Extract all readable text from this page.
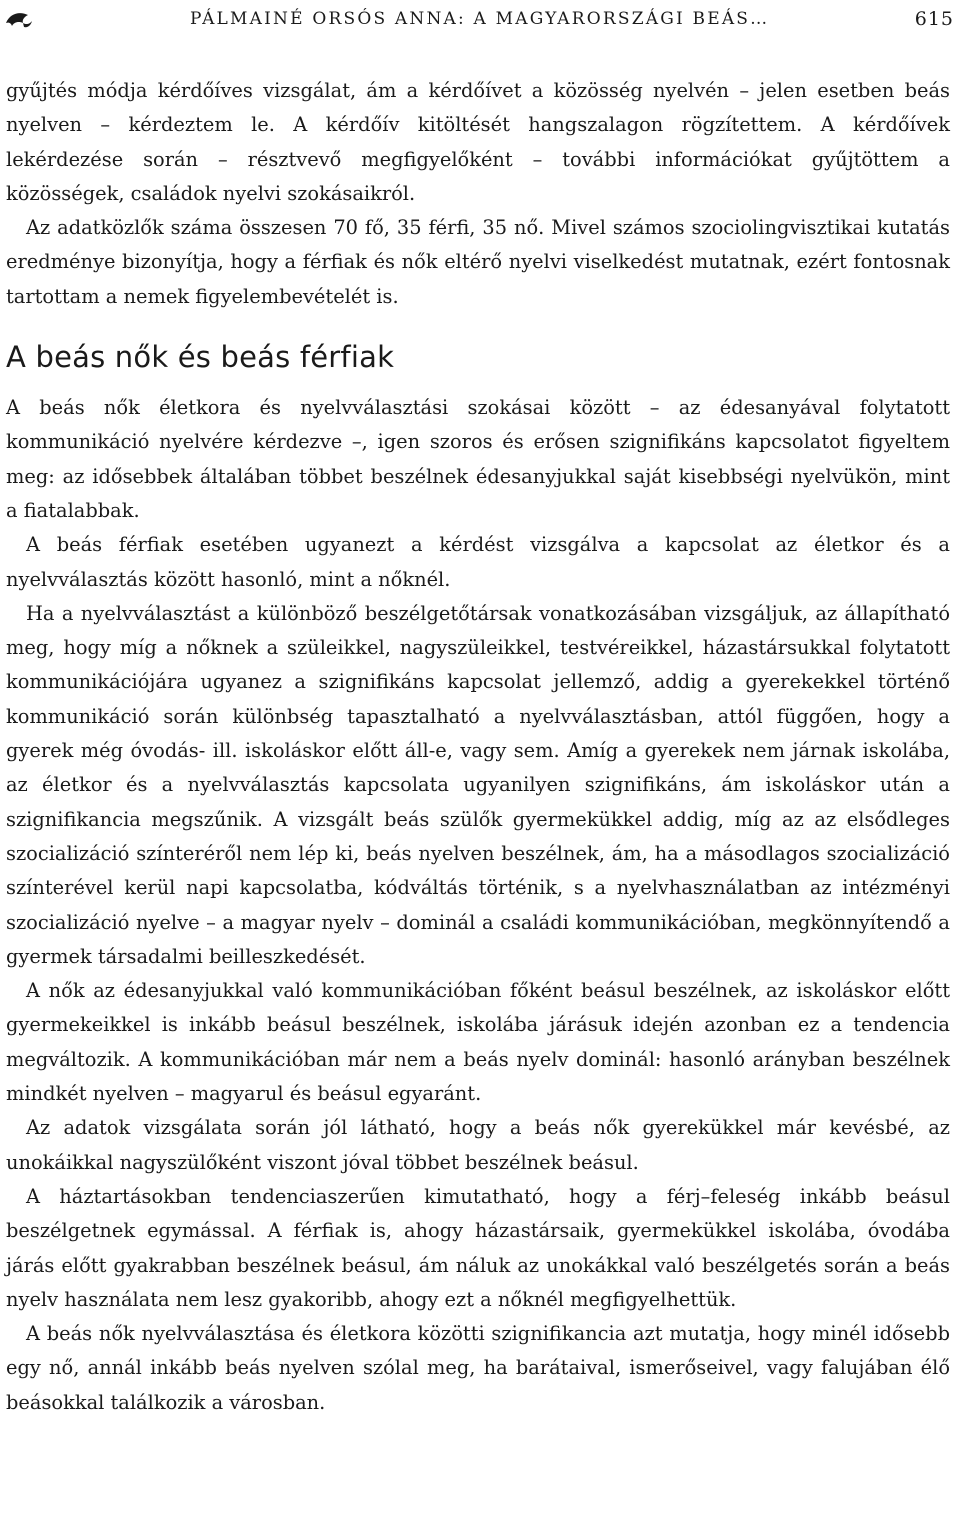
PÁLMAINÉ ORSÓS ANNA: A MAGYARORSZÁGI BEÁS…	615

gyűjtés módja kérdőíves vizsgálat, ám a kérdőívet a közösség nyelvén – jelen esetben beás nyelven – kérdeztem le. A kérdőív kitöltését hangszalagon rögzítettem. A kérdőívek lekérdezése során – résztvevő megfigyelőként – további információkat gyűjtöttem a közösségek, családok nyelvi szokásaikról.

Az adatközlők száma összesen 70 fő, 35 férfi, 35 nő. Mivel számos szociolingvisztikai kutatás eredménye bizonyítja, hogy a férfiak és nők eltérő nyelvi viselkedést mutatnak, ezért fontosnak tartottam a nemek figyelembevételét is.

A beás nők és beás férfiak

A beás nők életkora és nyelvválasztási szokásai között – az édesanyával folytatott kommunikáció nyelvére kérdezve –, igen szoros és erősen szignifikáns kapcsolatot figyeltem meg: az idősebbek általában többet beszélnek édesanyjukkal saját kisebbségi nyelvükön, mint a fiatalabbak.

A beás férfiak esetében ugyanezt a kérdést vizsgálva a kapcsolat az életkor és a nyelvválasztás között hasonló, mint a nőknél.

Ha a nyelvválasztást a különböző beszélgetőtársak vonatkozásában vizsgáljuk, az állapítható meg, hogy míg a nőknek a szüleikkel, nagyszüleikkel, testvéreikkel, házastársukkal folytatott kommunikációjára ugyanez a szignifikáns kapcsolat jellemző, addig a gyerekekkel történő kommunikáció során különbség tapasztalható a nyelvválasztásban, attól függően, hogy a gyerek még óvodás- ill. iskoláskor előtt áll-e, vagy sem. Amíg a gyerekek nem járnak iskolába, az életkor és a nyelvválasztás kapcsolata ugyanilyen szignifikáns, ám iskoláskor után a szignifikancia megszűnik. A vizsgált beás szülők gyermekükkel addig, míg az az elsődleges szocializáció színteréről nem lép ki, beás nyelven beszélnek, ám, ha a másodlagos szocializáció színterével kerül napi kapcsolatba, kódváltás történik, s a nyelvhasználatban az intézményi szocializáció nyelve – a magyar nyelv – dominál a családi kommunikációban, megkönnyítendő a gyermek társadalmi beilleszkedését.

A nők az édesanyjukkal való kommunikációban főként beásul beszélnek, az iskoláskor előtt gyermekeikkel is inkább beásul beszélnek, iskolába járásuk idején azonban ez a tendencia megváltozik. A kommunikációban már nem a beás nyelv dominál: hasonló arányban beszélnek mindkét nyelven – magyarul és beásul egyaránt.

Az adatok vizsgálata során jól látható, hogy a beás nők gyerekükkel már kevésbé, az unokáikkal nagyszülőként viszont jóval többet beszélnek beásul.

A háztartásokban tendenciaszerűen kimutatható, hogy a férj–feleség inkább beásul beszélgetnek egymással. A férfiak is, ahogy házastársaik, gyermekükkel iskolába, óvodába járás előtt gyakrabban beszélnek beásul, ám náluk az unokákkal való beszélgetés során a beás nyelv használata nem lesz gyakoribb, ahogy ezt a nőknél megfigyelhettük.

A beás nők nyelvválasztása és életkora közötti szignifikancia azt mutatja, hogy minél idősebb egy nő, annál inkább beás nyelven szólal meg, ha barátaival, ismerőseivel, vagy falujában élő beásokkal találkozik a városban.
